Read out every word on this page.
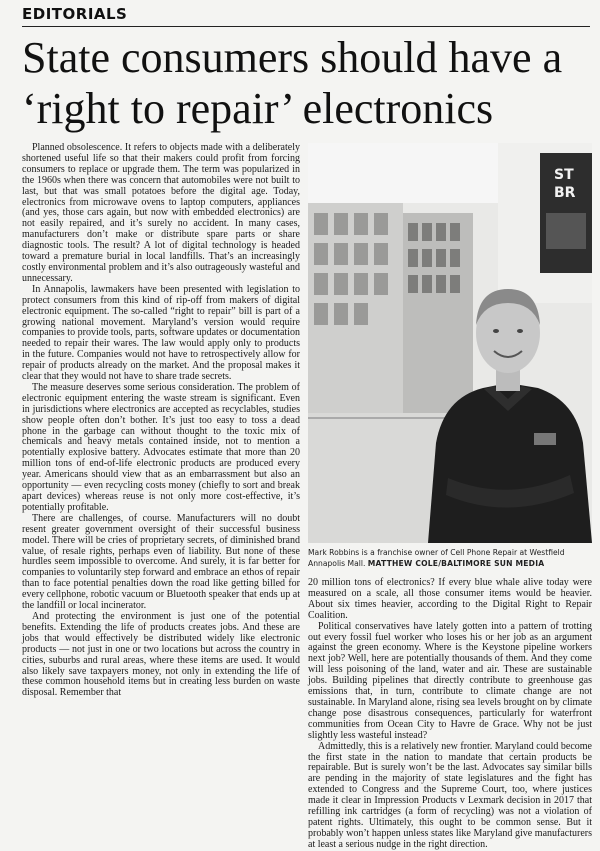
EDITORIALS
State consumers should have a ‘right to repair’ electronics

Planned obsolescence. It refers to objects made with a deliberately shortened useful life so that their makers could profit from forcing consumers to replace or upgrade them. The term was popularized in the 1960s when there was concern that automobiles were not built to last, but that was small potatoes before the digital age. Today, electronics from microwave ovens to laptop computers, appliances (and yes, those cars again, but now with embedded electronics) are not easily repaired, and it’s surely no accident. In many cases, manufacturers don’t make or distribute spare parts or share diagnostic tools. The result? A lot of digital technology is headed toward a premature burial in local landfills. That’s an increasingly costly environmental problem and it’s also outrageously wasteful and unnecessary.

In Annapolis, lawmakers have been presented with legislation to protect consumers from this kind of rip-off from makers of digital electronic equipment. The so-called “right to repair” bill is part of a growing national movement. Maryland’s version would require companies to provide tools, parts, software updates or documentation needed to repair their wares. The law would apply only to products in the future. Companies would not have to retrospectively allow for repair of products already on the market. And the proposal makes it clear that they would not have to share trade secrets.

The measure deserves some serious consideration. The problem of electronic equipment entering the waste stream is significant. Even in jurisdictions where electronics are accepted as recyclables, studies show people often don’t bother. It’s just too easy to toss a dead phone in the garbage can without thought to the toxic mix of chemicals and heavy metals contained inside, not to mention a potentially explosive battery. Advocates estimate that more than 20 million tons of end-of-life electronic products are produced every year. Americans should view that as an embarrassment but also an opportunity — even recycling costs money (chiefly to sort and break apart devices) whereas reuse is not only more cost-effective, it’s potentially profitable.

There are challenges, of course. Manufacturers will no doubt resent greater government oversight of their successful business model. There will be cries of proprietary secrets, of diminished brand value, of resale rights, perhaps even of liability. But none of these hurdles seem impossible to overcome. And surely, it is far better for companies to voluntarily step forward and embrace an ethos of repair than to face potential penalties down the road like getting billed for every cellphone, robotic vacuum or Bluetooth speaker that ends up at the landfill or local incinerator.

And protecting the environment is just one of the potential benefits. Extending the life of products creates jobs. And these are jobs that would effectively be distributed widely like electronic products — not just in one or two locations but across the country in cities, suburbs and rural areas, where these items are used. It would also likely save taxpayers money, not only in extending the life of these common household items but in creating less burden on waste disposal. Remember that

ST
BR
Mark Robbins is a franchise owner of Cell Phone Repair at Westfield Annapolis Mall. MATTHEW COLE/BALTIMORE SUN MEDIA

20 million tons of electronics? If every blue whale alive today were measured on a scale, all those consumer items would be heavier. About six times heavier, according to the Digital Right to Repair Coalition.

Political conservatives have lately gotten into a pattern of trotting out every fossil fuel worker who loses his or her job as an argument against the green economy. Where is the Keystone pipeline workers next job? Well, here are potentially thousands of them. And they come will less poisoning of the land, water and air. These are sustainable jobs. Building pipelines that directly contribute to greenhouse gas emissions that, in turn, contribute to climate change are not sustainable. In Maryland alone, rising sea levels brought on by climate change pose disastrous consequences, particularly for waterfront communities from Ocean City to Havre de Grace. Why not be just slightly less wasteful instead?

Admittedly, this is a relatively new frontier. Maryland could become the first state in the nation to mandate that certain products be repairable. But is surely won’t be the last. Advocates say similar bills are pending in the majority of state legislatures and the fight has extended to Congress and the Supreme Court, too, where justices made it clear in Impression Products v Lexmark decision in 2017 that refilling ink cartridges (a form of recycling) was not a violation of patent rights. Ultimately, this ought to be common sense. But it probably won’t happen unless states like Maryland give manufacturers at least a serious nudge in the right direction.
